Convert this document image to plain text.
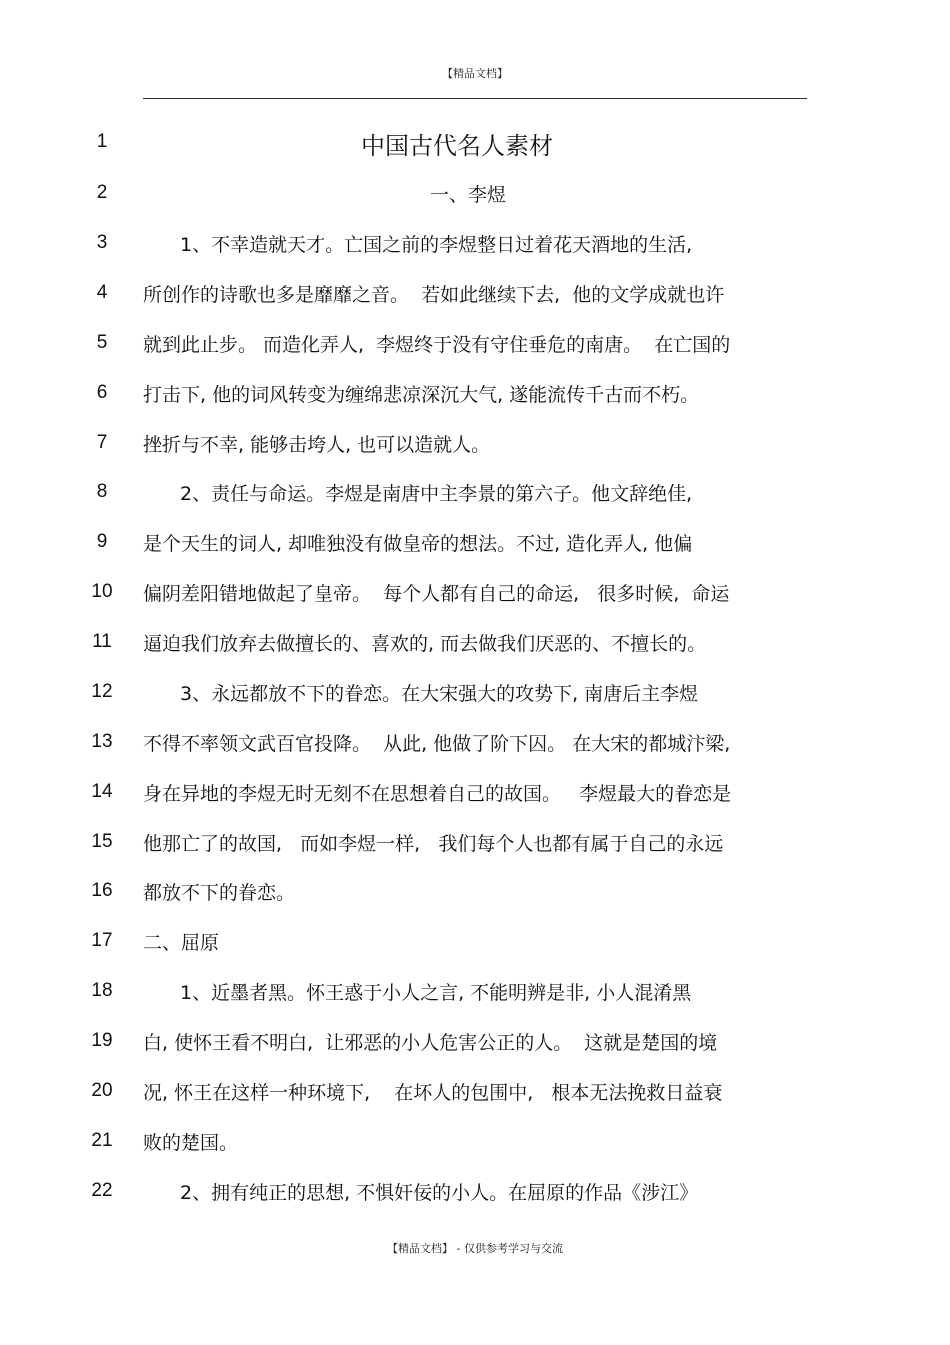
【精品文档】
1	中国古代名人素材
2	一、李煜
3	1、不幸造就天才。亡国之前的李煜整日过着花天酒地的生活,
4	所创作的诗歌也多是靡靡之音。  若如此继续下去,  他的文学成就也许
5	就到此止步。 而造化弄人,  李煜终于没有守住垂危的南唐。  在亡国的
6	打击下, 他的词风转变为缠绵悲凉深沉大气, 遂能流传千古而不朽。
7	挫折与不幸, 能够击垮人, 也可以造就人。
8	2、责任与命运。李煜是南唐中主李景的第六子。他文辞绝佳,
9	是个天生的词人, 却唯独没有做皇帝的想法。不过, 造化弄人, 他偏
10	偏阴差阳错地做起了皇帝。  每个人都有自己的命运,   很多时候,  命运
11	逼迫我们放弃去做擅长的、喜欢的, 而去做我们厌恶的、不擅长的。
12	3、永远都放不下的眷恋。在大宋强大的攻势下, 南唐后主李煜
13	不得不率领文武百官投降。  从此, 他做了阶下囚。 在大宋的都城汴梁,
14	身在异地的李煜无时无刻不在思想着自己的故国。   李煜最大的眷恋是
15	他那亡了的故国,   而如李煜一样,   我们每个人也都有属于自己的永远
16	都放不下的眷恋。
17	二、屈原
18	1、近墨者黑。怀王惑于小人之言, 不能明辨是非, 小人混淆黑
19	白, 使怀王看不明白,  让邪恶的小人危害公正的人。  这就是楚国的境
20	况, 怀王在这样一种环境下,    在坏人的包围中,   根本无法挽救日益衰
21	败的楚国。
22	2、拥有纯正的思想, 不惧奸佞的小人。在屈原的作品《涉江》
【精品文档】 - 仅供参考学习与交流
